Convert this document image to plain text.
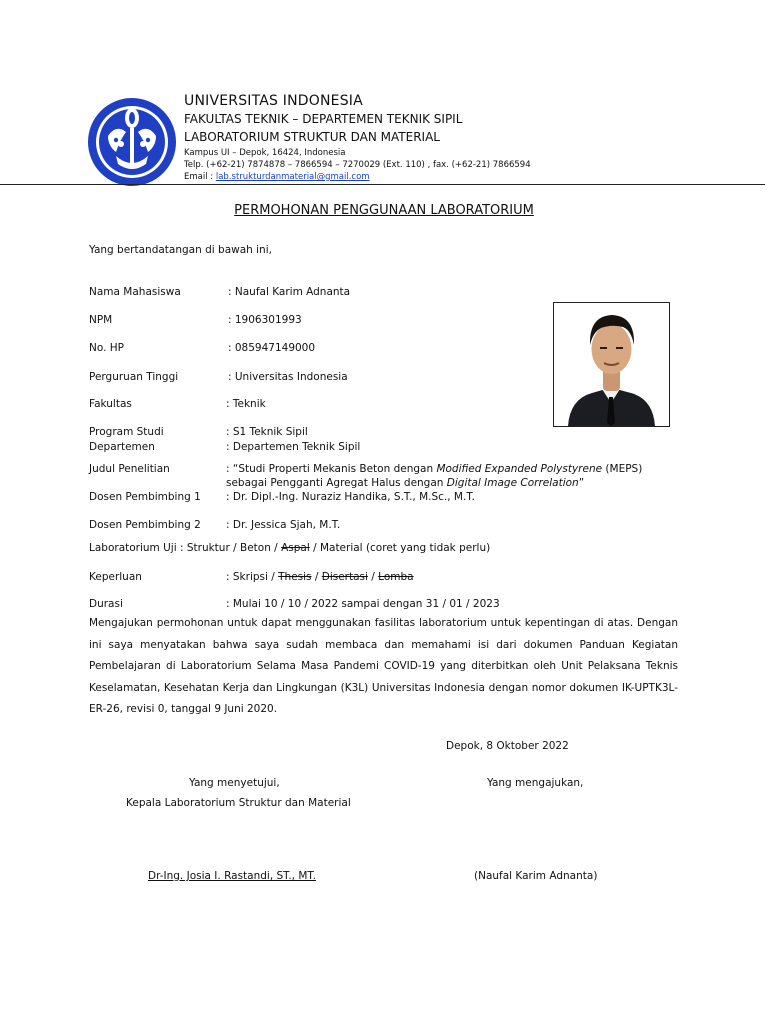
UNIVERSITAS INDONESIA
FAKULTAS TEKNIK – DEPARTEMEN TEKNIK SIPIL
LABORATORIUM STRUKTUR DAN MATERIAL
Kampus UI – Depok, 16424, Indonesia
Telp. (+62-21) 7874878 – 7866594 – 7270029 (Ext. 110) , fax. (+62-21) 7866594
Email : lab.strukturdanmaterial@gmail.com
PERMOHONAN PENGGUNAAN LABORATORIUM
Yang bertandatangan di bawah ini,
Nama Mahasiswa	: Naufal Karim Adnanta
NPM	: 1906301993
No. HP	: 085947149000
Perguruan Tinggi	: Universitas Indonesia
Fakultas	: Teknik
Program Studi	: S1 Teknik Sipil
Departemen	: Departemen Teknik Sipil
Judul Penelitian	: “Studi Properti Mekanis Beton dengan Modified Expanded Polystyrene (MEPS)
sebagai Pengganti Agregat Halus dengan Digital Image Correlation”
Dosen Pembimbing 1 : Dr. Dipl.-Ing. Nuraziz Handika, S.T., M.Sc., M.T.
Dosen Pembimbing 2 : Dr. Jessica Sjah, M.T.
Laboratorium Uji : Struktur / Beton / Aspal / Material (coret yang tidak perlu)
Keperluan	: Skripsi / Thesis / Disertasi / Lomba
Durasi	: Mulai 10 / 10 / 2022 sampai dengan 31 / 01 / 2023
Mengajukan permohonan untuk dapat menggunakan fasilitas laboratorium untuk kepentingan di atas. Dengan ini saya menyatakan bahwa saya sudah membaca dan memahami isi dari dokumen Panduan Kegiatan Pembelajaran di Laboratorium Selama Masa Pandemi COVID-19 yang diterbitkan oleh Unit Pelaksana Teknis Keselamatan, Kesehatan Kerja dan Lingkungan (K3L) Universitas Indonesia dengan nomor dokumen IK-UPTK3L-ER-26, revisi 0, tanggal 9 Juni 2020.
Depok, 8 Oktober 2022
Yang menyetujui,
Kepala Laboratorium Struktur dan Material
Dr-Ing. Josia I. Rastandi, ST., MT.
Yang mengajukan,
(Naufal Karim Adnanta)
